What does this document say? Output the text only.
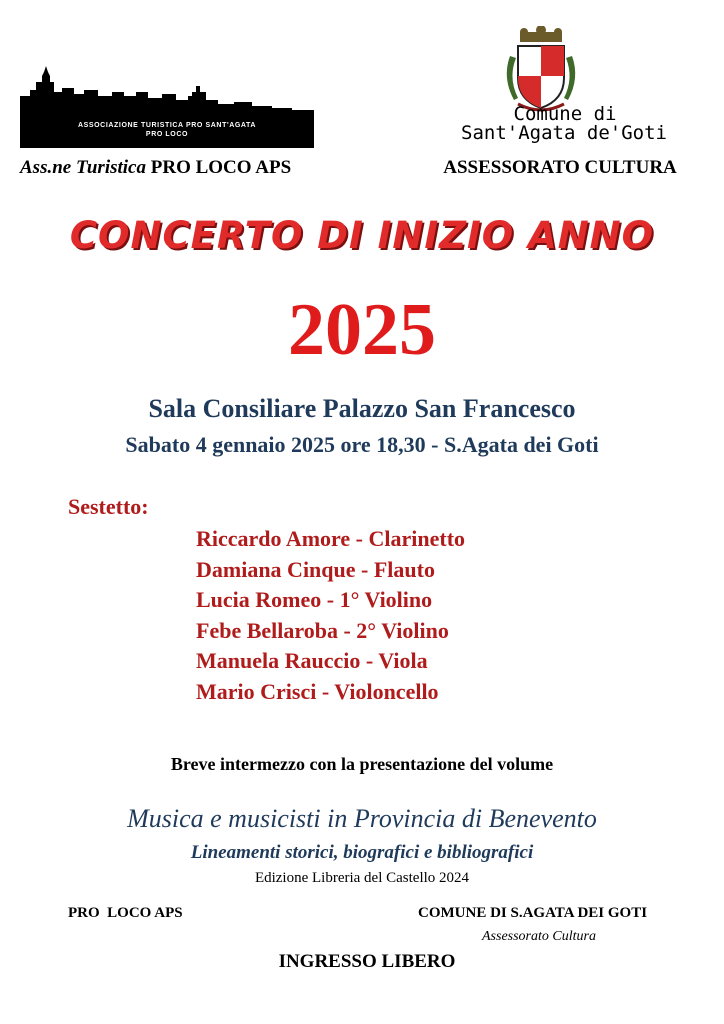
ASSOCIAZIONE TURISTICA PRO SANT'AGATA
PRO LOCO
Ass.ne Turistica PRO LOCO APS
Comune di
Sant'Agata de'Goti
ASSESSORATO CULTURA
CONCERTO DI INIZIO ANNO
2025
Sala Consiliare Palazzo San Francesco
Sabato 4 gennaio 2025 ore 18,30 - S.Agata dei Goti
Sestetto:
Riccardo Amore - Clarinetto
Damiana Cinque - Flauto
Lucia Romeo - 1° Violino
Febe Bellaroba - 2° Violino
Manuela Rauccio - Viola
Mario Crisci - Violoncello
Breve intermezzo con la presentazione del volume
Musica e musicisti in Provincia di Benevento
Lineamenti storici, biografici e bibliografici
Edizione Libreria del Castello 2024
PRO  LOCO APS	COMUNE DI S.AGATA DEI GOTI
Assessorato Cultura
INGRESSO LIBERO
